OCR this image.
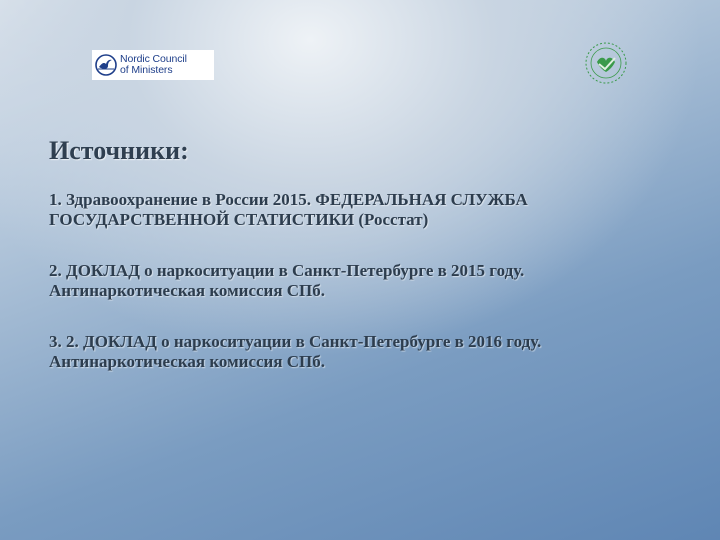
Nordic Council
of Ministers
Источники:
1. Здравоохранение в России 2015. ФЕДЕРАЛЬНАЯ СЛУЖБА
ГОСУДАРСТВЕННОЙ СТАТИСТИКИ (Росстат)
2. ДОКЛАД о наркоситуации в Санкт-Петербурге в 2015 году.
Антинаркотическая комиссия СПб.
3. 2. ДОКЛАД о наркоситуации в Санкт-Петербурге в 2016 году.
Антинаркотическая комиссия СПб.
